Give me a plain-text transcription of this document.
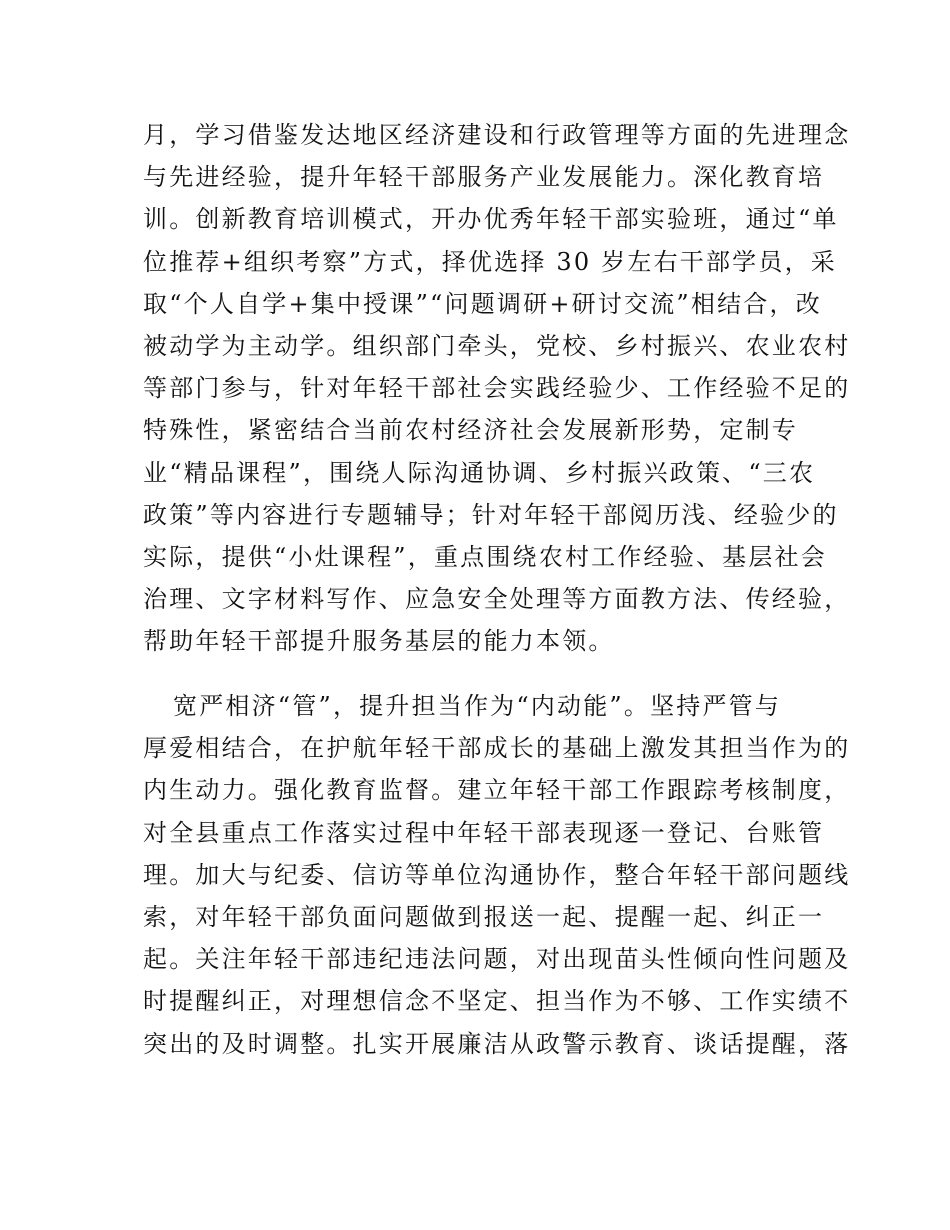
月，学习借鉴发达地区经济建设和行政管理等方面的先进理念
与先进经验，提升年轻干部服务产业发展能力。深化教育培
训。创新教育培训模式，开办优秀年轻干部实验班，通过“单
位推荐+组织考察”方式，择优选择 30 岁左右干部学员，采
取“个人自学+集中授课”“问题调研+研讨交流”相结合，改
被动学为主动学。组织部门牵头，党校、乡村振兴、农业农村
等部门参与，针对年轻干部社会实践经验少、工作经验不足的
特殊性，紧密结合当前农村经济社会发展新形势，定制专
业“精品课程”，围绕人际沟通协调、乡村振兴政策、“三农
政策”等内容进行专题辅导；针对年轻干部阅历浅、经验少的
实际，提供“小灶课程”，重点围绕农村工作经验、基层社会
治理、文字材料写作、应急安全处理等方面教方法、传经验，
帮助年轻干部提升服务基层的能力本领。
宽严相济“管”，提升担当作为“内动能”。坚持严管与
厚爱相结合，在护航年轻干部成长的基础上激发其担当作为的
内生动力。强化教育监督。建立年轻干部工作跟踪考核制度，
对全县重点工作落实过程中年轻干部表现逐一登记、台账管
理。加大与纪委、信访等单位沟通协作，整合年轻干部问题线
索，对年轻干部负面问题做到报送一起、提醒一起、纠正一
起。关注年轻干部违纪违法问题，对出现苗头性倾向性问题及
时提醒纠正，对理想信念不坚定、担当作为不够、工作实绩不
突出的及时调整。扎实开展廉洁从政警示教育、谈话提醒，落
